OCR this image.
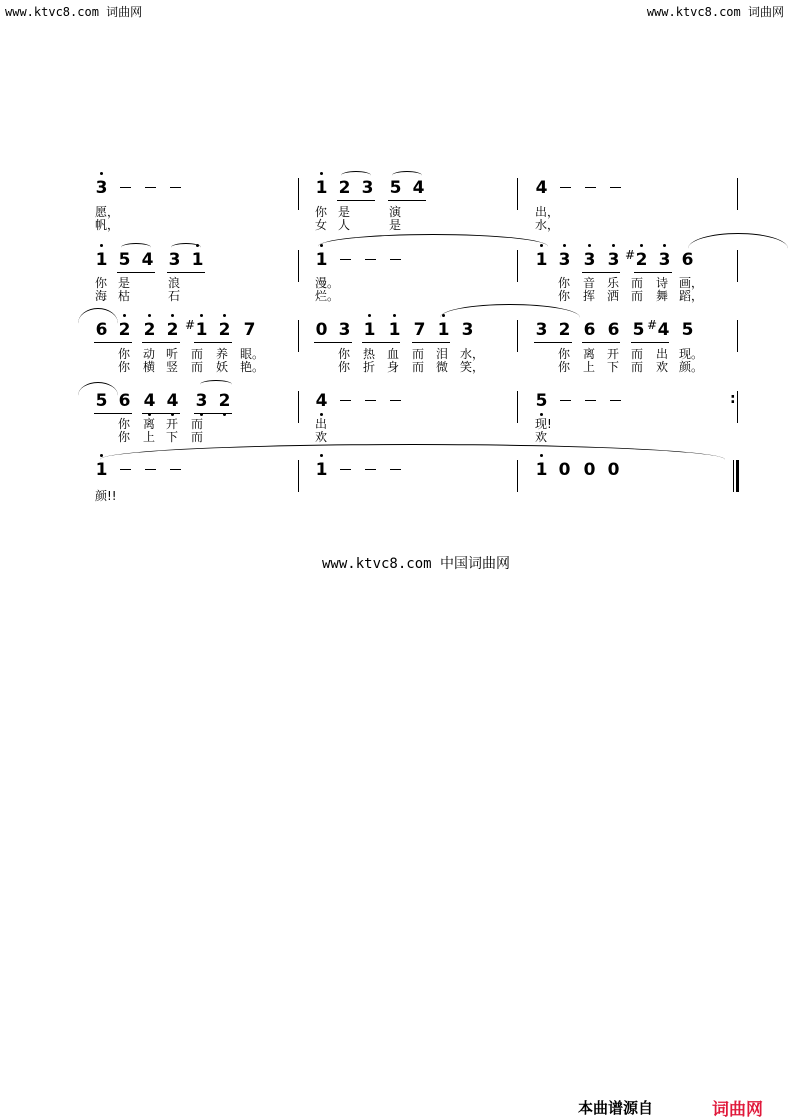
www.ktvc8.com 词曲网	www.ktvc8.com 词曲网
3	1 2 3 5 4	4
愿，
帆，
你 是	演	出，
女 人	是	水，
1 5 4 3 1	1	1 3 3 3 # 2 3 6
你 是	浪	漫。	你 音 乐 而 诗 画，
海 枯	石	烂。	你 挥 洒 而 舞 蹈，
6 2 2 2 # 1 2 7	0 3 1 1 7 1 3	3 2 6 6 5 # 4 5
你 动 听 而 养 眼。	你 热 血 而 泪 水，	你 离 开 而 出 现。
你 横 竖 而 妖 艳。	你 折 身 而 微 笑，	你 上 下 而 欢 颜。
:
5 6 4 4 3 2	4	5
你 离 开 而	出	现!
你 上 下 而	欢	欢
1	1	1 0 0 0
颜!!
www.ktvc8.com 中国词曲网
本曲谱源自	词曲网
